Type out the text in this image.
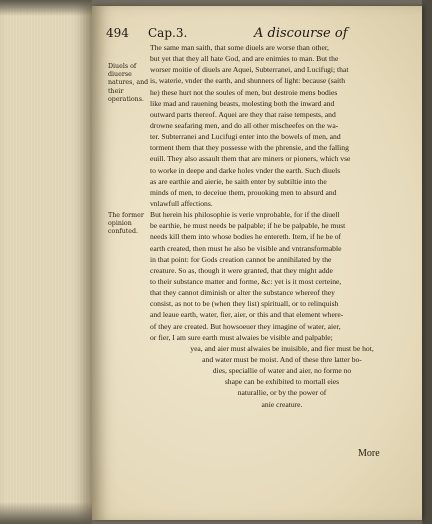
494 Cap.3.	A discourse of
Diuels of diuerse natures, and their operations.
The former opinion confuted.
The same man saith, that some diuels are worse than other,
but yet that they all hate God, and are enimies to man. But the
worser moitie of diuels are Aquei, Subterranei, and Lucifugi; that
is, waterie, vnder the earth, and shunners of light: because (saith
he) these hurt not the soules of men, but destroie mens bodies
like mad and rauening beasts, molesting both the inward and
outward parts thereof. Aquei are they that raise tempests, and
drowne seafaring men, and do all other mischeefes on the wa-
ter. Subterranei and Lucifugi enter into the bowels of men, and
torment them that they possesse with the phrensie, and the falling
euill. They also assault them that are miners or pioners, which vse
to worke in deepe and darke holes vnder the earth. Such diuels
as are earthie and aierie, he saith enter by subtiltie into the
minds of men, to deceiue them, prouoking men to absurd and
vnlawfull affections.
But herein his philosophie is verie vnprobable, for if the diuell
be earthie, he must needs be palpable; if he be palpable, he must
needs kill them into whose bodies he entereth. Item, if he be of
earth created, then must he also be visible and vntransformable
in that point: for Gods creation cannot be annihilated by the
creature. So as, though it were granted, that they might adde
to their substance matter and forme, &c: yet is it most certeine,
that they cannot diminish or alter the substance whereof they
consist, as not to be (when they list) spirituall, or to relinquish
and leaue earth, water, fier, aier, or this and that element where-
of they are created. But howsoeuer they imagine of water, aier,
or fier, I am sure earth must alwaies be visible and palpable;
yea, and aier must alwaies be inuisible, and fier must be hot,
and water must be moist. And of these thre latter bo-
dies, speciallie of water and aier, no forme no
shape can be exhibited to mortall eies
naturallie, or by the power of
anie creature.
More
